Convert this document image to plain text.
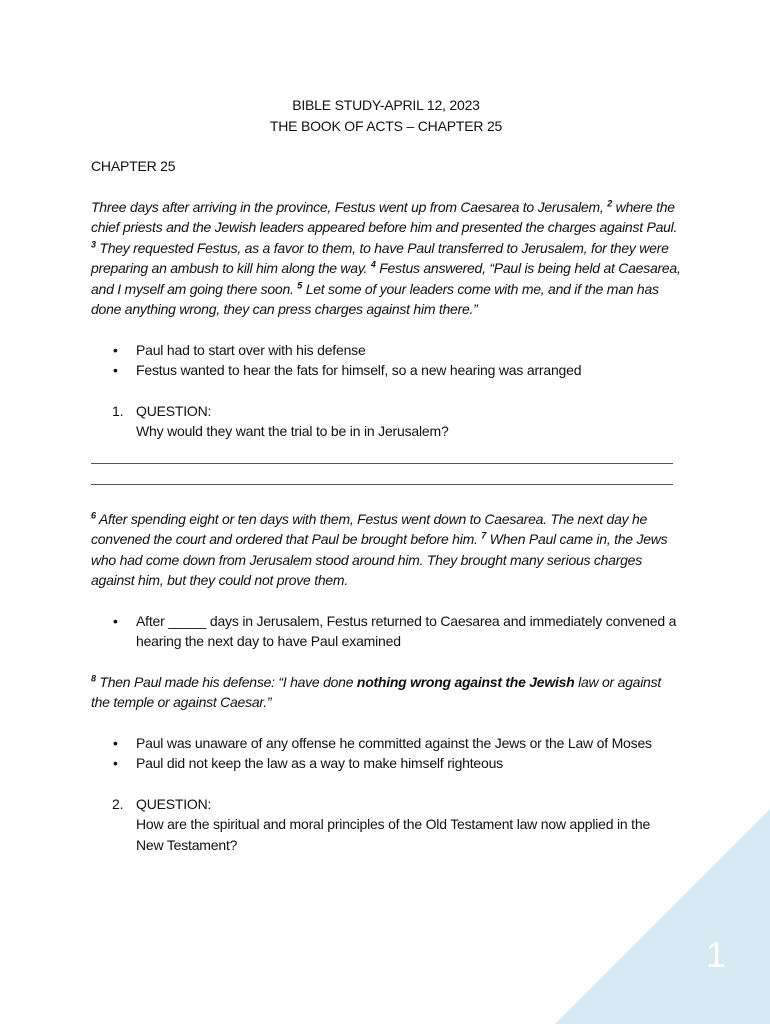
BIBLE STUDY-APRIL 12, 2023
THE BOOK OF ACTS – CHAPTER 25
CHAPTER 25

Three days after arriving in the province, Festus went up from Caesarea to Jerusalem, $^2$ where the chief priests and the Jewish leaders appeared before him and presented the charges against Paul. $^3$ They requested Festus, as a favor to them, to have Paul transferred to Jerusalem, for they were preparing an ambush to kill him along the way. $^4$ Festus answered, “Paul is being held at Caesarea, and I myself am going there soon. $^5$ Let some of your leaders come with me, and if the man has done anything wrong, they can press charges against him there.”

• Paul had to start over with his defense
• Festus wanted to hear the fats for himself, so a new hearing was arranged
1. QUESTION:
Why would they want the trial to be in in Jerusalem?

$^6$ After spending eight or ten days with them, Festus went down to Caesarea. The next day he convened the court and ordered that Paul be brought before him. $^7$ When Paul came in, the Jews who had come down from Jerusalem stood around him. They brought many serious charges against him, but they could not prove them.

• After _____ days in Jerusalem, Festus returned to Caesarea and immediately convened a hearing the next day to have Paul examined

$^8$ Then Paul made his defense: “I have done nothing wrong against the Jewish law or against the temple or against Caesar.”

• Paul was unaware of any offense he committed against the Jews or the Law of Moses
• Paul did not keep the law as a way to make himself righteous
2. QUESTION:
How are the spiritual and moral principles of the Old Testament law now applied in the New Testament?
1
